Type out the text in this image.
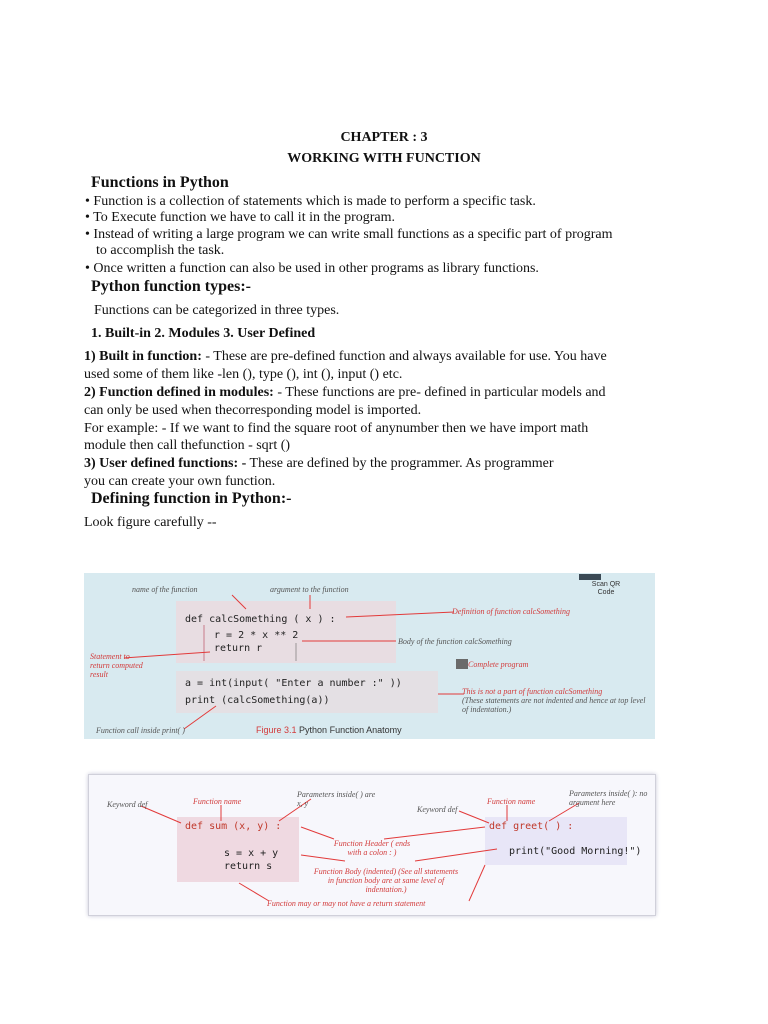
CHAPTER : 3
WORKING WITH FUNCTION
Functions in Python
• Function is a collection of statements which is made to perform a specific task.
• To Execute function we have to call it in the program.
• Instead of writing a large program we can write small functions as a specific part of program
to accomplish the task.
• Once written a function can also be used in other programs as library functions.
Python function types:-
Functions can be categorized in three types.
1. Built-in 2. Modules 3. User Defined
1) Built in function: - These are pre-defined function and always available for use. You have
used some of them like -len (), type (), int (), input () etc.
2) Function defined in modules: - These functions are pre- defined in particular models and
can only be used when thecorresponding model is imported.
For example: - If we want to find the square root of anynumber then we have import math
module then call thefunction - sqrt ()
3) User defined functions: - These are defined by the programmer. As programmer
you can create your own function.
Defining function in Python:-
Look figure carefully --
name of the function	argument to the function
Scan QR Code
def calcSomething ( x ) :
r = 2 * x ** 2
return r
Definition of function calcSomething
Body of the function calcSomething
Statement to return computed result
Complete program
a = int(input( "Enter a number :" ))
print (calcSomething(a))
This is not a part of function calcSomething
(These statements are not indented and hence at top level of indentation.)
Function call inside print( )	Figure 3.1 Python Function Anatomy
Keyword def	Function name
Parameters inside( ) are x, y
Keyword def
Function name
Parameters inside( ): no argument here
def sum (x, y) :
s = x + y
return s
def greet( ) :
print("Good Morning!")
Function Header ( ends with a colon : )
Function Body (indented) (See all statements in function body are at same level of indentation.)
Function may or may not have a return statement
